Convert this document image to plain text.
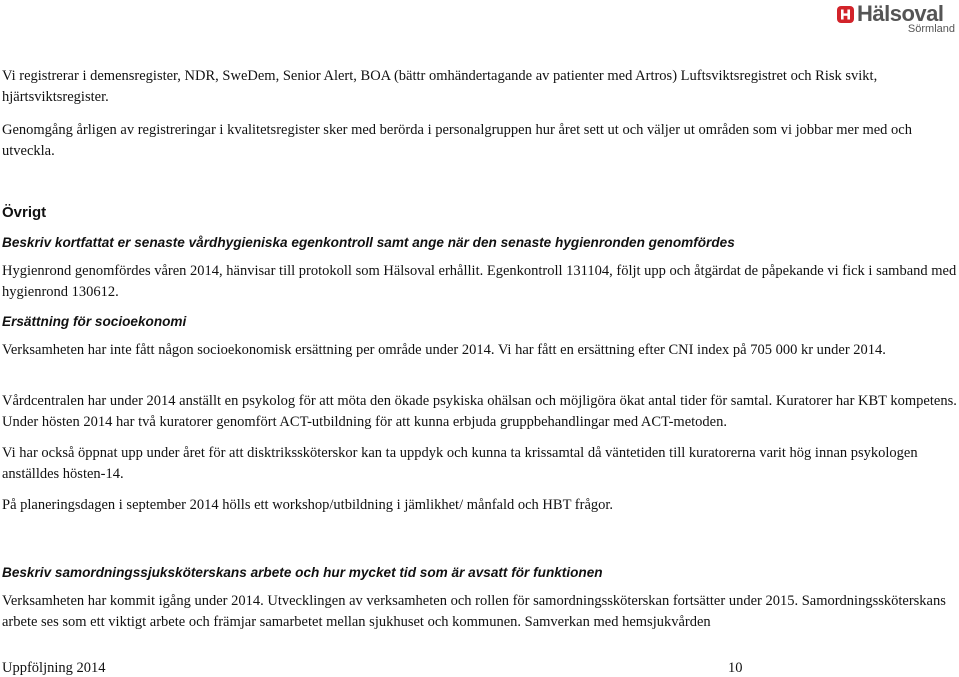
Hälsoval
Sörmland

Vi registrerar i demensregister, NDR, SweDem, Senior Alert, BOA (bättr omhändertagande av patienter med Artros) Luftsviktsregistret och Risk svikt, hjärtsviktsregister.

Genomgång årligen av registreringar i kvalitetsregister sker med berörda i personalgruppen hur året sett ut och väljer ut områden som vi jobbar mer med och utveckla.

Övrigt

Beskriv kortfattat er senaste vårdhygieniska egenkontroll samt ange när den senaste hygienronden genomfördes

Hygienrond genomfördes våren 2014, hänvisar till protokoll som Hälsoval erhållit. Egenkontroll 131104, följt upp och åtgärdat de påpekande vi fick i samband med hygienrond 130612.

Ersättning för socioekonomi

Verksamheten har inte fått någon socioekonomisk ersättning per område under 2014. Vi har fått en ersättning efter CNI index på 705 000 kr under 2014.

Vårdcentralen har under 2014 anställt en psykolog för att möta den ökade psykiska ohälsan och möjligöra ökat antal tider för samtal. Kuratorer har KBT kompetens. Under hösten 2014 har två kuratorer genomfört ACT-utbildning för att kunna erbjuda gruppbehandlingar med ACT-metoden.

Vi har också öppnat upp under året för att disktrikssköterskor kan ta uppdyk och kunna ta krissamtal då väntetiden till kuratorerna varit hög innan psykologen anställdes hösten-14.

På planeringsdagen i september 2014 hölls ett workshop/utbildning i jämlikhet/ månfald och HBT frågor.

Beskriv samordningssjuksköterskans arbete och hur mycket tid som är avsatt för funktionen

Verksamheten har kommit igång under 2014. Utvecklingen av verksamheten och rollen för samordningssköterskan fortsätter under 2015. Samordningssköterskans arbete ses som ett viktigt arbete och främjar samarbetet mellan sjukhuset och kommunen. Samverkan med hemsjukvården

Uppföljning 2014	10
